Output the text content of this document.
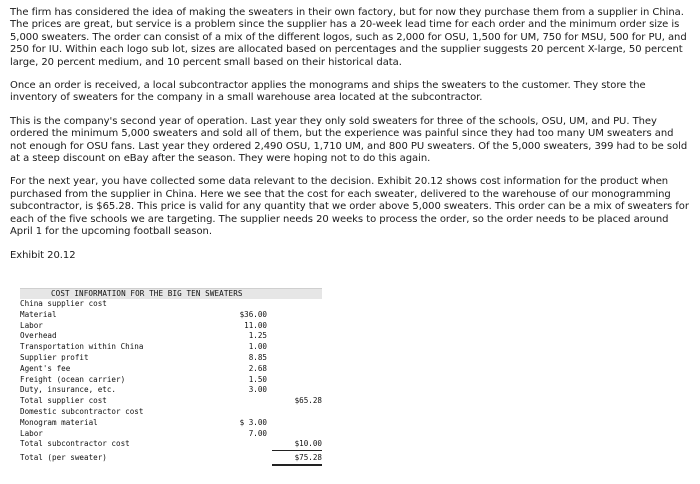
The firm has considered the idea of making the sweaters in their own factory, but for now they purchase them from a supplier in China. The prices are great, but service is a problem since the supplier has a 20-week lead time for each order and the minimum order size is 5,000 sweaters. The order can consist of a mix of the different logos, such as 2,000 for OSU, 1,500 for UM, 750 for MSU, 500 for PU, and 250 for IU. Within each logo sub lot, sizes are allocated based on percentages and the supplier suggests 20 percent X-large, 50 percent large, 20 percent medium, and 10 percent small based on their historical data.

Once an order is received, a local subcontractor applies the monograms and ships the sweaters to the customer. They store the inventory of sweaters for the company in a small warehouse area located at the subcontractor.

This is the company's second year of operation. Last year they only sold sweaters for three of the schools, OSU, UM, and PU. They ordered the minimum 5,000 sweaters and sold all of them, but the experience was painful since they had too many UM sweaters and not enough for OSU fans. Last year they ordered 2,490 OSU, 1,710 UM, and 800 PU sweaters. Of the 5,000 sweaters, 399 had to be sold at a steep discount on eBay after the season. They were hoping not to do this again.

For the next year, you have collected some data relevant to the decision. Exhibit 20.12 shows cost information for the product when purchased from the supplier in China. Here we see that the cost for each sweater, delivered to the warehouse of our monogramming subcontractor, is $65.28. This price is valid for any quantity that we order above 5,000 sweaters. This order can be a mix of sweaters for each of the five schools we are targeting. The supplier needs 20 weeks to process the order, so the order needs to be placed around April 1 for the upcoming football season.

Exhibit 20.12

COST INFORMATION FOR THE BIG TEN SWEATERS
China supplier cost
Material	$36.00
Labor	11.00
Overhead	1.25
Transportation within China	1.00
Supplier profit	8.85
Agent's fee	2.68
Freight (ocean carrier)	1.50
Duty, insurance, etc.	3.00
Total supplier cost	$65.28
Domestic subcontractor cost
Monogram material	$ 3.00
Labor	7.00
Total subcontractor cost	$10.00
Total (per sweater)	$75.28
